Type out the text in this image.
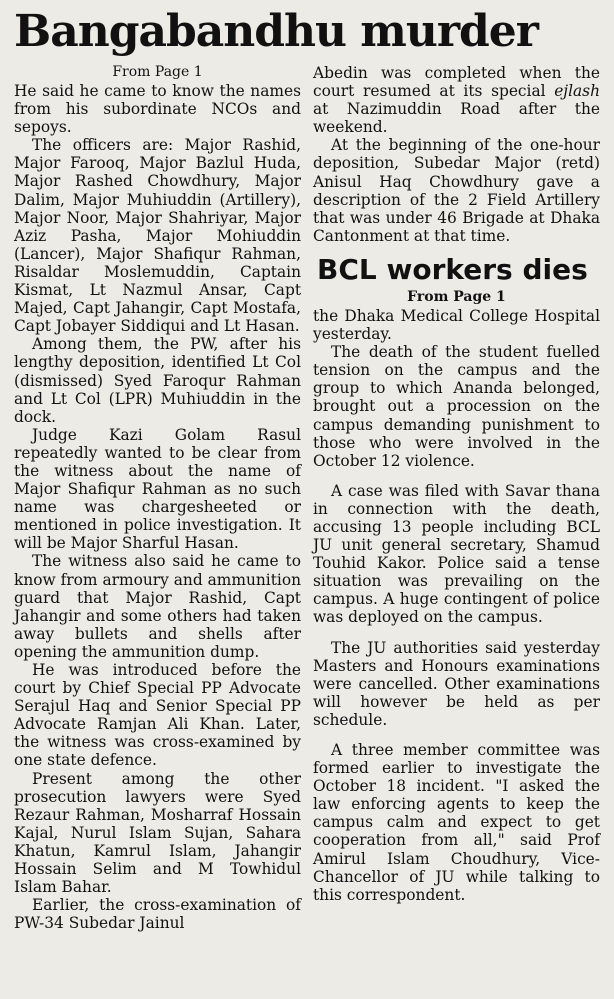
Bangabandhu murder
From Page 1

He said he came to know the names from his subordinate NCOs and sepoys.

The officers are: Major Rashid, Major Farooq, Major Bazlul Huda, Major Rashed Chowdhury, Major Dalim, Major Muhiuddin (Artillery), Major Noor, Major Shahriyar, Major Aziz Pasha, Major Mohiuddin (Lancer), Major Shafiqur Rahman, Risaldar Moslemuddin, Captain Kismat, Lt Nazmul Ansar, Capt Majed, Capt Jahangir, Capt Mostafa, Capt Jobayer Siddiqui and Lt Hasan.

Among them, the PW, after his lengthy deposition, identified Lt Col (dismissed) Syed Faroqur Rahman and Lt Col (LPR) Muhiuddin in the dock.

Judge Kazi Golam Rasul repeatedly wanted to be clear from the witness about the name of Major Shafiqur Rahman as no such name was chargesheeted or mentioned in police investigation. It will be Major Sharful Hasan.

The witness also said he came to know from armoury and ammunition guard that Major Rashid, Capt Jahangir and some others had taken away bullets and shells after opening the ammunition dump.

He was introduced before the court by Chief Special PP Advocate Serajul Haq and Senior Special PP Advocate Ramjan Ali Khan. Later, the witness was cross-examined by one state defence.

Present among the other prosecution lawyers were Syed Rezaur Rahman, Mosharraf Hossain Kajal, Nurul Islam Sujan, Sahara Khatun, Kamrul Islam, Jahangir Hossain Selim and M Towhidul Islam Bahar.

Earlier, the cross-examination of PW-34 Subedar Jainul

Abedin was completed when the court resumed at its special ejlash at Nazimuddin Road after the weekend.

At the beginning of the one-hour deposition, Subedar Major (retd) Anisul Haq Chowdhury gave a description of the 2 Field Artillery that was under 46 Brigade at Dhaka Cantonment at that time.

BCL workers dies
From Page 1

the Dhaka Medical College Hospital yesterday.

The death of the student fuelled tension on the campus and the group to which Ananda belonged, brought out a procession on the campus demanding punishment to those who were involved in the October 12 violence.

A case was filed with Savar thana in connection with the death, accusing 13 people including BCL JU unit general secretary, Shamud Touhid Kakor. Police said a tense situation was prevailing on the campus. A huge contingent of police was deployed on the campus.

The JU authorities said yesterday Masters and Honours examinations were cancelled. Other examinations will however be held as per schedule.

A three member committee was formed earlier to investigate the October 18 incident. "I asked the law enforcing agents to keep the campus calm and expect to get cooperation from all," said Prof Amirul Islam Choudhury, Vice-Chancellor of JU while talking to this correspondent.
